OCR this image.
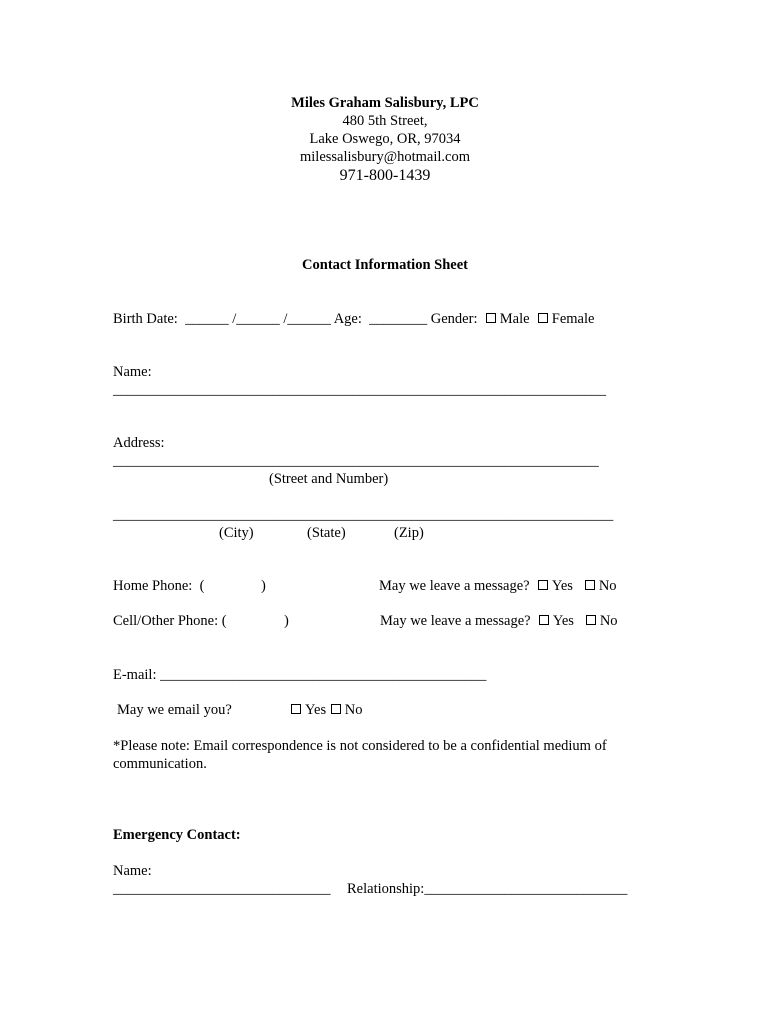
Miles Graham Salisbury, LPC
480 5th Street,
Lake Oswego, OR, 97034
milessalisbury@hotmail.com
971-800-1439
Contact Information Sheet
Birth Date:  ______ /______ /______ Age:  ________ Gender: Male Female
Name:
____________________________________________________________________
Address:
___________________________________________________________________
(Street and Number)
_____________________________________________________________________
(City)	(State)	(Zip)
Home Phone:  (	)	May we leave a message? Yes No
Cell/Other Phone: (	)	May we leave a message? Yes No
E-mail: _____________________________________________
May we email you?	Yes No
*Please note: Email correspondence is not considered to be a confidential medium of
communication.
Emergency Contact:
Name:
______________________________ Relationship:____________________________
